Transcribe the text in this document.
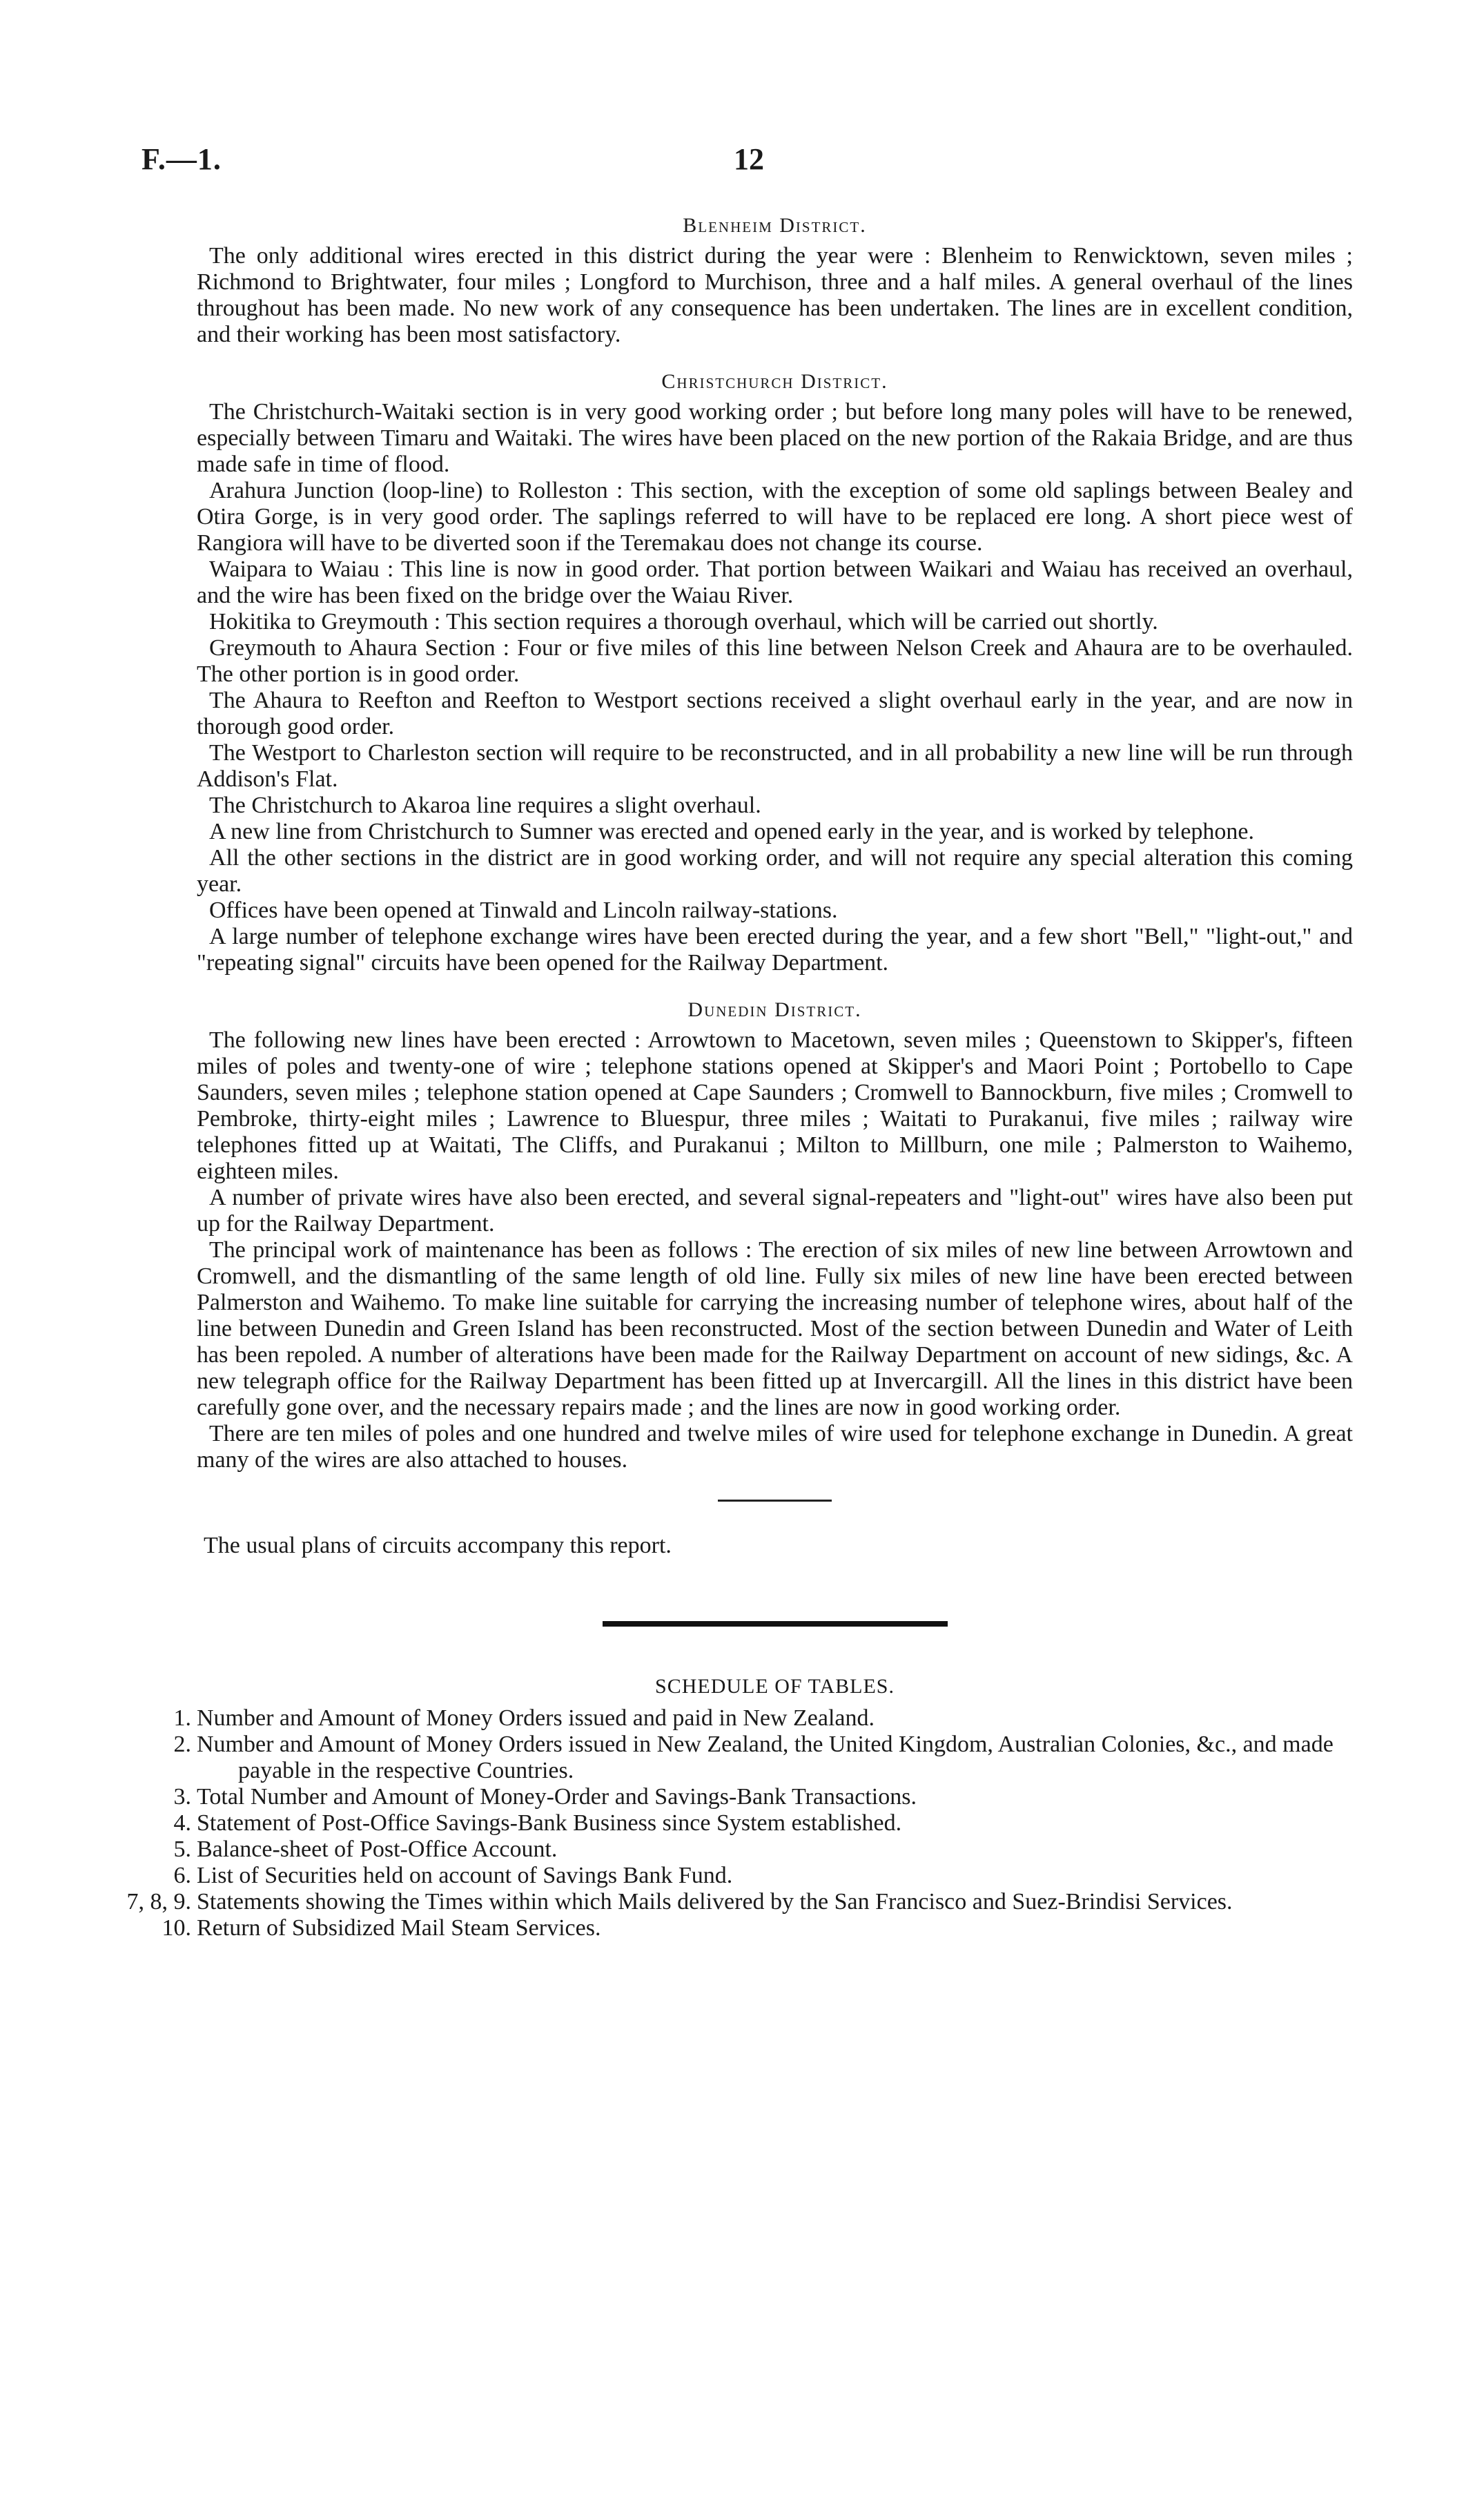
F.—1.	12
Blenheim District.

The only additional wires erected in this district during the year were : Blenheim to Renwicktown, seven miles ; Richmond to Brightwater, four miles ; Longford to Murchison, three and a half miles. A general overhaul of the lines throughout has been made. No new work of any consequence has been undertaken. The lines are in excellent condition, and their working has been most satisfactory.

Christchurch District.

The Christchurch-Waitaki section is in very good working order ; but before long many poles will have to be renewed, especially between Timaru and Waitaki. The wires have been placed on the new portion of the Rakaia Bridge, and are thus made safe in time of flood.

Arahura Junction (loop-line) to Rolleston : This section, with the exception of some old saplings between Bealey and Otira Gorge, is in very good order. The saplings referred to will have to be replaced ere long. A short piece west of Rangiora will have to be diverted soon if the Teremakau does not change its course.

Waipara to Waiau : This line is now in good order. That portion between Waikari and Waiau has received an overhaul, and the wire has been fixed on the bridge over the Waiau River.

Hokitika to Greymouth : This section requires a thorough overhaul, which will be carried out shortly.

Greymouth to Ahaura Section : Four or five miles of this line between Nelson Creek and Ahaura are to be overhauled. The other portion is in good order.

The Ahaura to Reefton and Reefton to Westport sections received a slight overhaul early in the year, and are now in thorough good order.

The Westport to Charleston section will require to be reconstructed, and in all probability a new line will be run through Addison's Flat.

The Christchurch to Akaroa line requires a slight overhaul.

A new line from Christchurch to Sumner was erected and opened early in the year, and is worked by telephone.

All the other sections in the district are in good working order, and will not require any special alteration this coming year.

Offices have been opened at Tinwald and Lincoln railway-stations.

A large number of telephone exchange wires have been erected during the year, and a few short "Bell," "light-out," and "repeating signal" circuits have been opened for the Railway Department.

Dunedin District.

The following new lines have been erected : Arrowtown to Macetown, seven miles ; Queenstown to Skipper's, fifteen miles of poles and twenty-one of wire ; telephone stations opened at Skipper's and Maori Point ; Portobello to Cape Saunders, seven miles ; telephone station opened at Cape Saunders ; Cromwell to Bannockburn, five miles ; Cromwell to Pembroke, thirty-eight miles ; Lawrence to Bluespur, three miles ; Waitati to Purakanui, five miles ; railway wire telephones fitted up at Waitati, The Cliffs, and Purakanui ; Milton to Millburn, one mile ; Palmerston to Waihemo, eighteen miles.

A number of private wires have also been erected, and several signal-repeaters and "light-out" wires have also been put up for the Railway Department.

The principal work of maintenance has been as follows : The erection of six miles of new line between Arrowtown and Cromwell, and the dismantling of the same length of old line. Fully six miles of new line have been erected between Palmerston and Waihemo. To make line suitable for carrying the increasing number of telephone wires, about half of the line between Dunedin and Green Island has been reconstructed. Most of the section between Dunedin and Water of Leith has been repoled. A number of alterations have been made for the Railway Department on account of new sidings, &c. A new telegraph office for the Railway Department has been fitted up at Invercargill. All the lines in this district have been carefully gone over, and the necessary repairs made ; and the lines are now in good working order.

There are ten miles of poles and one hundred and twelve miles of wire used for telephone exchange in Dunedin. A great many of the wires are also attached to houses.

The usual plans of circuits accompany this report.

SCHEDULE OF TABLES.
1. Number and Amount of Money Orders issued and paid in New Zealand.
2. Number and Amount of Money Orders issued in New Zealand, the United Kingdom, Australian Colonies, &c., and made payable in the respective Countries.
3. Total Number and Amount of Money-Order and Savings-Bank Transactions.
4. Statement of Post-Office Savings-Bank Business since System established.
5. Balance-sheet of Post-Office Account.
6. List of Securities held on account of Savings Bank Fund.
7, 8, 9. Statements showing the Times within which Mails delivered by the San Francisco and Suez-Brindisi Services.
10. Return of Subsidized Mail Steam Services.
